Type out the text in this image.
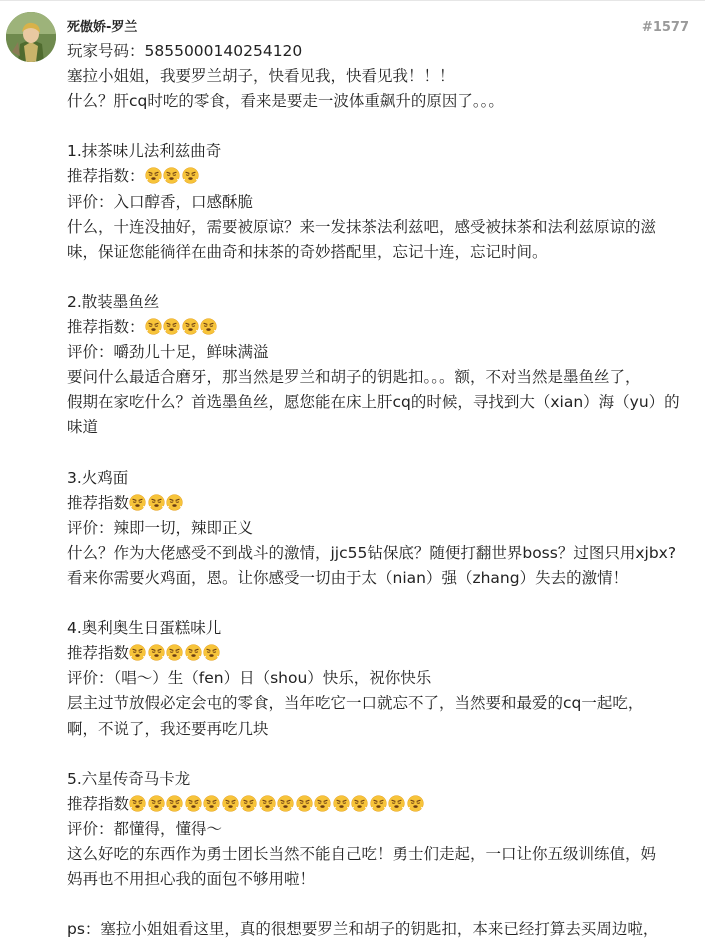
死傲娇-罗兰	#1577
玩家号码：5855000140254120
塞拉小姐姐，我要罗兰胡子，快看见我，快看见我！！！
什么？肝cq时吃的零食，看来是要走一波体重飙升的原因了。。。
1.抹茶味儿法利兹曲奇
推荐指数：
评价：入口醇香，口感酥脆
什么，十连没抽好，需要被原谅？来一发抹茶法利兹吧，感受被抹茶和法利兹原谅的滋
味，保证您能徜徉在曲奇和抹茶的奇妙搭配里，忘记十连，忘记时间。
2.散装墨鱼丝
推荐指数：
评价：嚼劲儿十足，鲜味满溢
要问什么最适合磨牙，那当然是罗兰和胡子的钥匙扣。。。额，不对当然是墨鱼丝了，
假期在家吃什么？首选墨鱼丝，愿您能在床上肝cq的时候，寻找到大（xian）海（yu）的
味道
3.火鸡面
推荐指数
评价：辣即一切，辣即正义
什么？作为大佬感受不到战斗的激情，jjc55钻保底？随便打翻世界boss？过图只用xjbx?
看来你需要火鸡面，恩。让你感受一切由于太（nian）强（zhang）失去的激情！
4.奥利奥生日蛋糕味儿
推荐指数
评价：（唱～）生（fen）日（shou）快乐，祝你快乐
层主过节放假必定会屯的零食，当年吃它一口就忘不了，当然要和最爱的cq一起吃，
啊，不说了，我还要再吃几块
5.六星传奇马卡龙
推荐指数
评价：都懂得，懂得～
这么好吃的东西作为勇士团长当然不能自己吃！勇士们走起，一口让你五级训练值，妈
妈再也不用担心我的面包不够用啦！
ps：塞拉小姐姐看这里，真的很想要罗兰和胡子的钥匙扣，本来已经打算去买周边啦，
